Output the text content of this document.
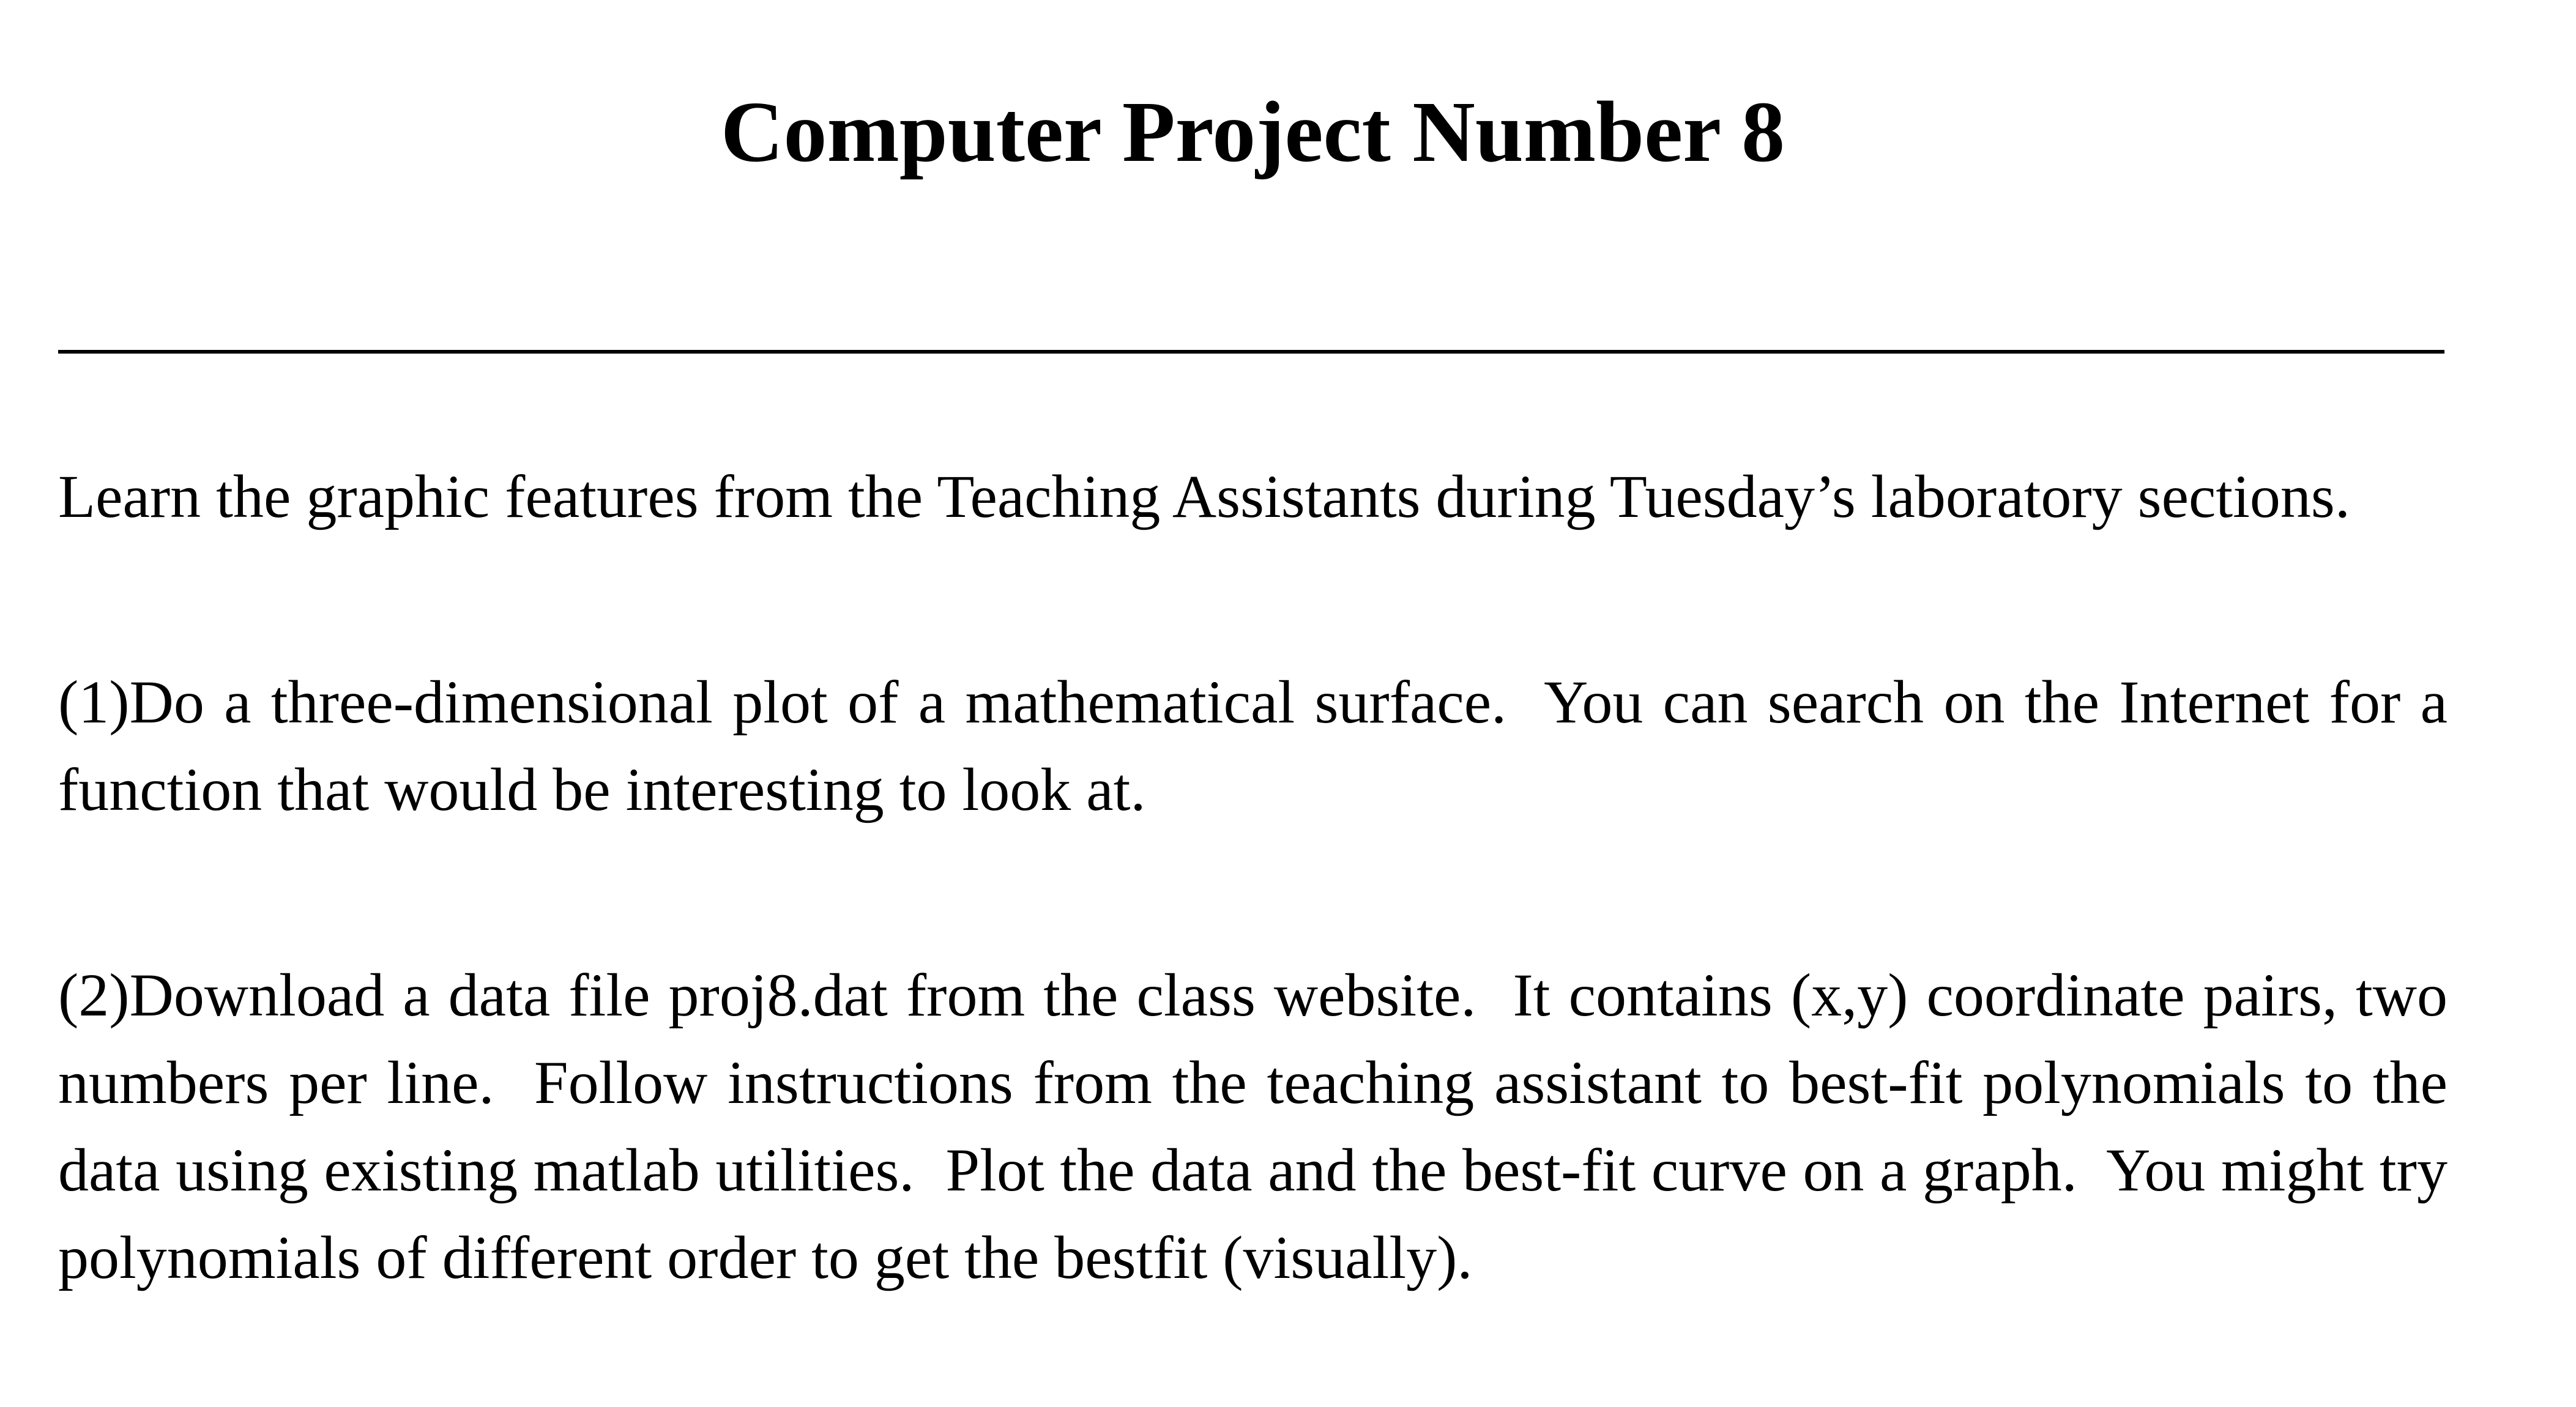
Computer Project Number 8
Learn the graphic features from the Teaching Assistants during Tuesday’s laboratory sections.
(1)Do a three-dimensional plot of a mathematical surface.  You can search on the Internet for a
function that would be interesting to look at.
(2)Download a data file proj8.dat from the class website.  It contains (x,y) coordinate pairs, two
numbers per line.  Follow instructions from the teaching assistant to best-fit polynomials to the
data using existing matlab utilities.  Plot the data and the best-fit curve on a graph.  You might try
polynomials of different order to get the bestfit (visually).
